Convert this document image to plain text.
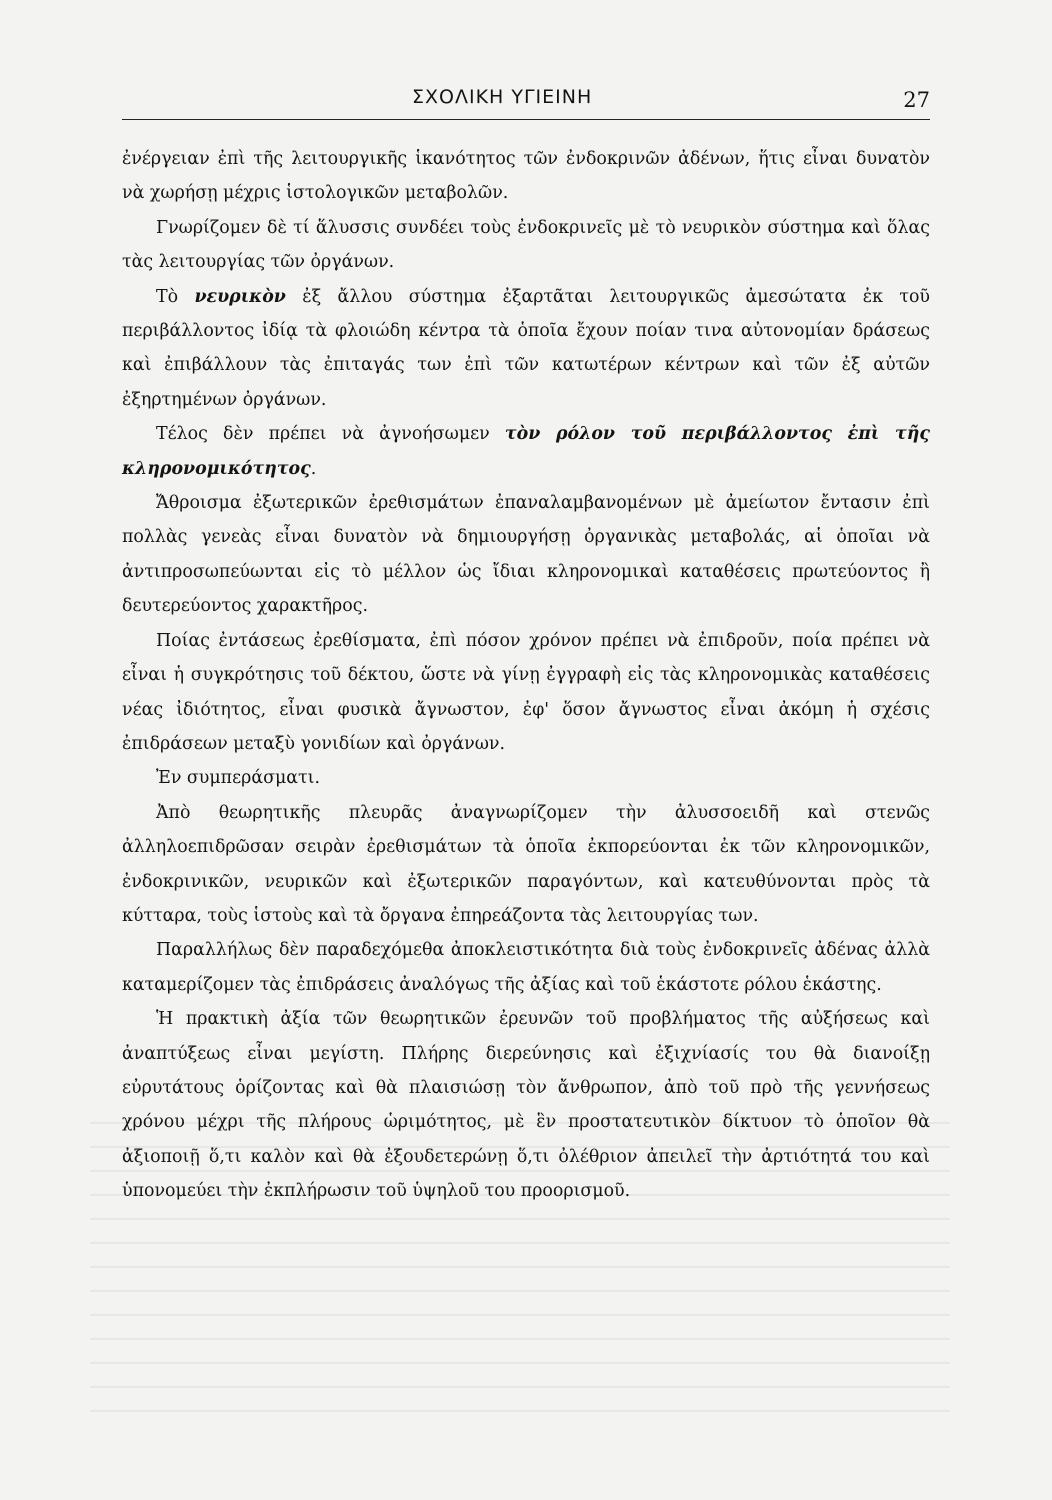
ΣΧΟΛΙΚΗ ΥΓΙΕΙΝΗ	27

ἐνέργειαν ἐπὶ τῆς λειτουργικῆς ἱκανότητος τῶν ἐνδοκρινῶν ἀδένων, ἥτις εἶναι δυνατὸν νὰ χωρήσῃ μέχρις ἱστολογικῶν μεταβολῶν.

Γνωρίζομεν δὲ τί ἅλυσσις συνδέει τοὺς ἐνδοκρινεῖς μὲ τὸ νευρικὸν σύστημα καὶ ὅλας τὰς λειτουργίας τῶν ὀργάνων.

Τὸ νευρικὸν ἐξ ἄλλου σύστημα ἐξαρτᾶται λειτουργικῶς ἀμεσώτατα ἐκ τοῦ περιβάλλοντος ἰδίᾳ τὰ φλοιώδη κέντρα τὰ ὁποῖα ἔχουν ποίαν τινα αὐτονομίαν δράσεως καὶ ἐπιβάλλουν τὰς ἐπιταγάς των ἐπὶ τῶν κατωτέρων κέντρων καὶ τῶν ἐξ αὐτῶν ἐξηρτημένων ὀργάνων.

Τέλος δὲν πρέπει νὰ ἀγνοήσωμεν τὸν ρόλον τοῦ περιβάλλοντος ἐπὶ τῆς κληρονομικότητος.

Ἄθροισμα ἐξωτερικῶν ἐρεθισμάτων ἐπαναλαμβανομένων μὲ ἀμείωτον ἔντασιν ἐπὶ πολλὰς γενεὰς εἶναι δυνατὸν νὰ δημιουργήσῃ ὀργανικὰς μεταβολάς, αἱ ὁποῖαι νὰ ἀντιπροσωπεύωνται εἰς τὸ μέλλον ὡς ἴδιαι κληρονομικαὶ καταθέσεις πρωτεύοντος ἢ δευτερεύοντος χαρακτῆρος.

Ποίας ἐντάσεως ἐρεθίσματα, ἐπὶ πόσον χρόνον πρέπει νὰ ἐπιδροῦν, ποία πρέπει νὰ εἶναι ἡ συγκρότησις τοῦ δέκτου, ὥστε νὰ γίνῃ ἐγγραφὴ εἰς τὰς κληρονομικὰς καταθέσεις νέας ἰδιότητος, εἶναι φυσικὰ ἄγνωστον, ἐφ' ὅσον ἄγνωστος εἶναι ἀκόμη ἡ σχέσις ἐπιδράσεων μεταξὺ γονιδίων καὶ ὀργάνων.

Ἐν συμπεράσματι.

Ἀπὸ θεωρητικῆς πλευρᾶς ἀναγνωρίζομεν τὴν ἀλυσσοειδῆ καὶ στενῶς ἀλληλοεπιδρῶσαν σειρὰν ἐρεθισμάτων τὰ ὁποῖα ἐκπορεύονται ἐκ τῶν κληρονομικῶν, ἐνδοκρινικῶν, νευρικῶν καὶ ἐξωτερικῶν παραγόντων, καὶ κατευθύνονται πρὸς τὰ κύτταρα, τοὺς ἱστοὺς καὶ τὰ ὄργανα ἐπηρεάζοντα τὰς λειτουργίας των.

Παραλλήλως δὲν παραδεχόμεθα ἀποκλειστικότητα διὰ τοὺς ἐνδοκρινεῖς ἀδένας ἀλλὰ καταμερίζομεν τὰς ἐπιδράσεις ἀναλόγως τῆς ἀξίας καὶ τοῦ ἑκάστοτε ρόλου ἑκάστης.

Ἡ πρακτικὴ ἀξία τῶν θεωρητικῶν ἐρευνῶν τοῦ προβλήματος τῆς αὐξήσεως καὶ ἀναπτύξεως εἶναι μεγίστη. Πλήρης διερεύνησις καὶ ἐξιχνίασίς του θὰ διανοίξῃ εὐρυτάτους ὁρίζοντας καὶ θὰ πλαισιώσῃ τὸν ἄνθρωπον, ἀπὸ τοῦ πρὸ τῆς γεννήσεως χρόνου μέχρι τῆς πλήρους ὡριμότητος, μὲ ἓν προστατευτικὸν δίκτυον τὸ ὁποῖον θὰ ἀξιοποιῇ ὅ,τι καλὸν καὶ θὰ ἐξουδετερώνῃ ὅ,τι ὀλέθριον ἀπειλεῖ τὴν ἀρτιότητά του καὶ ὑπονομεύει τὴν ἐκπλήρωσιν τοῦ ὑψηλοῦ του προορισμοῦ.
